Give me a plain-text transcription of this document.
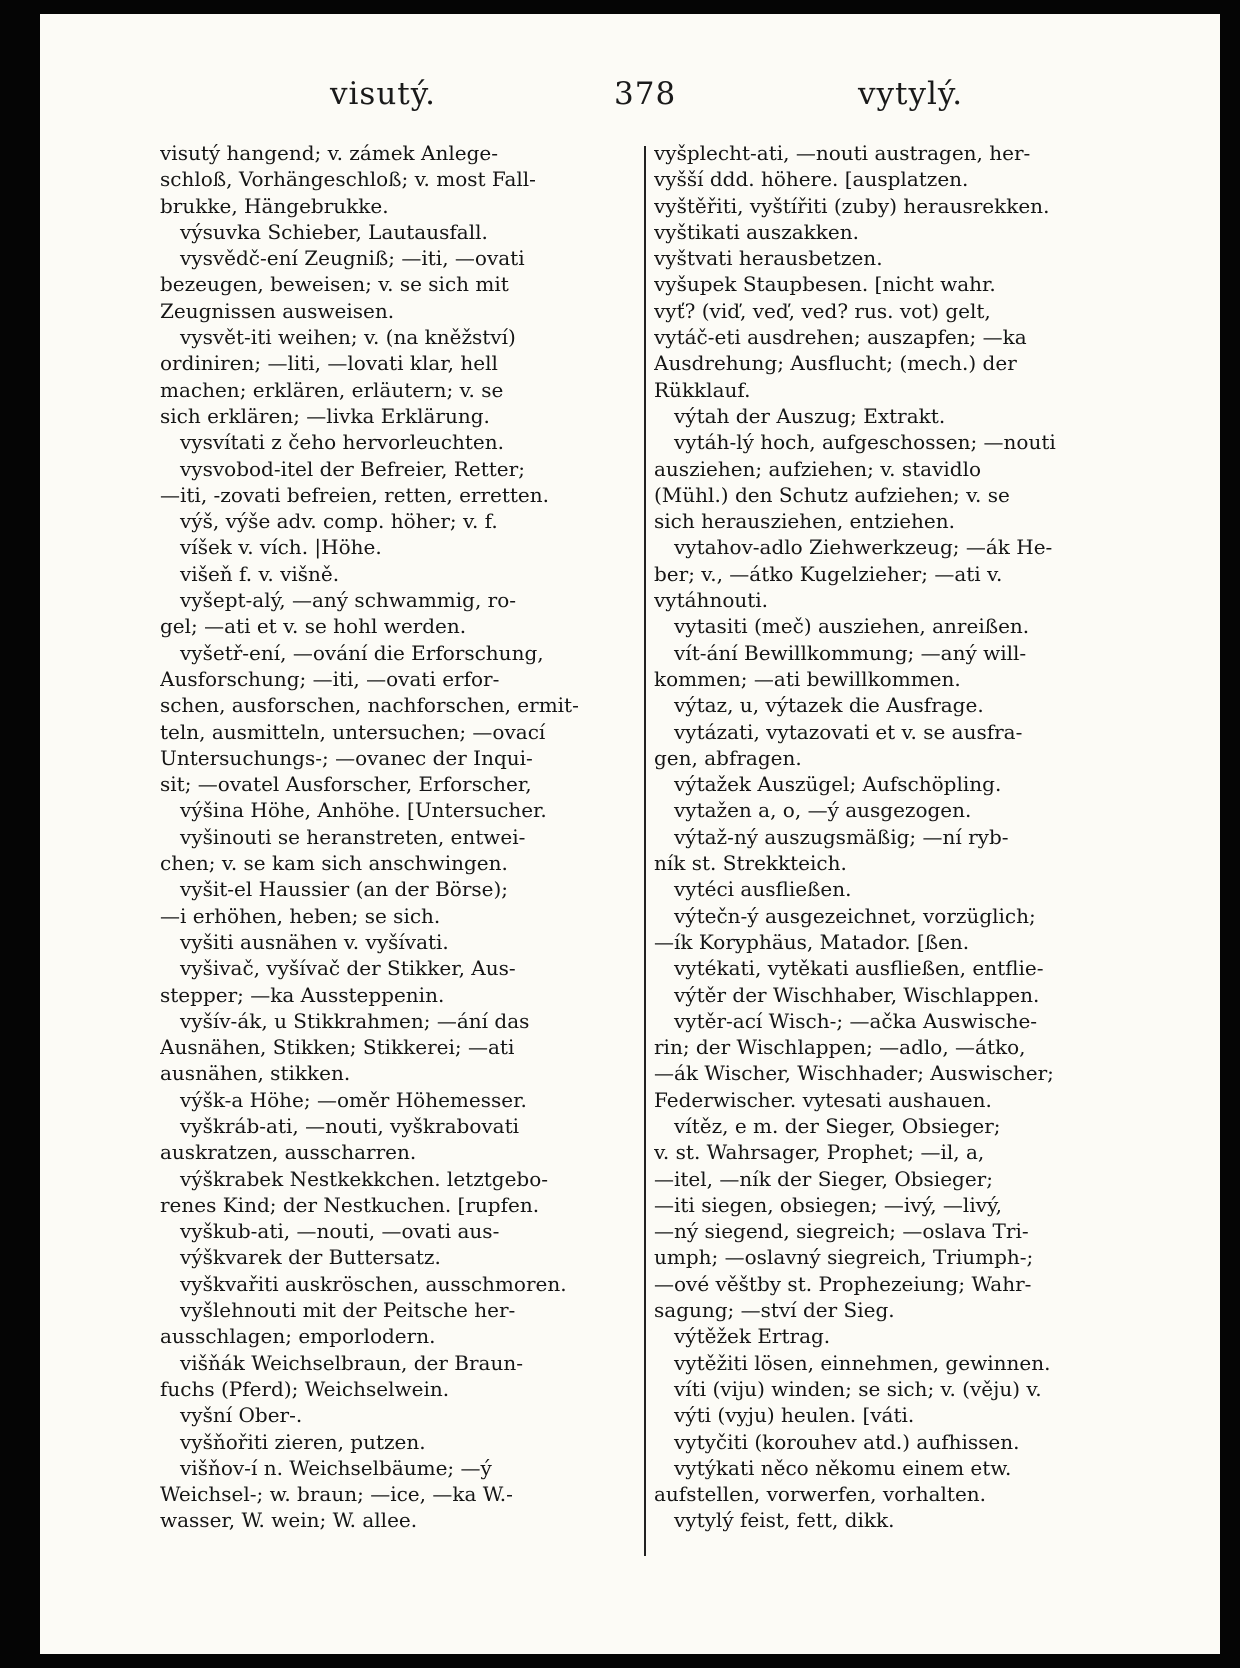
visutý.	378	vytylý.
visutý hangend; v. zámek Anlege-
schloß, Vorhängeschloß; v. most Fall-
brukke, Hängebrukke.
 výsuvka Schieber, Lautausfall.
 vysvědč-ení Zeugniß; —iti, —ovati
bezeugen, beweisen; v. se sich mit
Zeugnissen ausweisen.
 vysvět-iti weihen; v. (na kněžství)
ordiniren; —liti, —lovati klar, hell
machen; erklären, erläutern; v. se
sich erklären; —livka Erklärung.
 vysvítati z čeho hervorleuchten.
 vysvobod-itel der Befreier, Retter;
—iti, -zovati befreien, retten, erretten.
 výš, výše adv. comp. höher; v. f.
 víšek v. vích. |Höhe.
 višeň f. v. višně.
 vyšept-alý, —aný schwammig, ro-
gel; —ati et v. se hohl werden.
 vyšetř-ení, —ování die Erforschung,
Ausforschung; —iti, —ovati erfor-
schen, ausforschen, nachforschen, ermit-
teln, ausmitteln, untersuchen; —ovací
Untersuchungs-; —ovanec der Inqui-
sit; —ovatel Ausforscher, Erforscher,
 výšina Höhe, Anhöhe. [Untersucher.
 vyšinouti se heranstreten, entwei-
chen; v. se kam sich anschwingen.
 vyšit-el Haussier (an der Börse);
—i erhöhen, heben; se sich.
 vyšiti ausnähen v. vyšívati.
 vyšivač, vyšívač der Stikker, Aus-
stepper; —ka Aussteppenin.
 vyšív-ák, u Stikkrahmen; —ání das
Ausnähen, Stikken; Stikkerei; —ati
ausnähen, stikken.
 výšk-a Höhe; —oměr Höhemesser.
 vyškráb-ati, —nouti, vyškrabovati
auskratzen, ausscharren.
 výškrabek Nestkekkchen. letztgebo-
renes Kind; der Nestkuchen. [rupfen.
 vyškub-ati, —nouti, —ovati aus-
 výškvarek der Buttersatz.
 vyškvařiti auskröschen, ausschmoren.
 vyšlehnouti mit der Peitsche her-
ausschlagen; emporlodern.
 višňák Weichselbraun, der Braun-
fuchs (Pferd); Weichselwein.
 vyšní Ober-.
 vyšňořiti zieren, putzen.
 višňov-í n. Weichselbäume; —ý
Weichsel-; w. braun; —ice, —ka W.-
wasser, W. wein; W. allee.
vyšplecht-ati, —nouti austragen, her-
vyšší ddd. höhere. [ausplatzen.
vyštěřiti, vyštířiti (zuby) herausrekken.
vyštikati auszakken.
vyštvati herausbetzen.
vyšupek Staupbesen. [nicht wahr.
vyť? (viď, veď, ved? rus. vot) gelt,
vytáč-eti ausdrehen; auszapfen; —ka
Ausdrehung; Ausflucht; (mech.) der
Rükklauf.
 výtah der Auszug; Extrakt.
 vytáh-lý hoch, aufgeschossen; —nouti
ausziehen; aufziehen; v. stavidlo
(Mühl.) den Schutz aufziehen; v. se
sich herausziehen, entziehen.
 vytahov-adlo Ziehwerkzeug; —ák He-
ber; v., —átko Kugelzieher; —ati v.
vytáhnouti.
 vytasiti (meč) ausziehen, anreißen.
 vít-ání Bewillkommung; —aný will-
kommen; —ati bewillkommen.
 výtaz, u, výtazek die Ausfrage.
 vytázati, vytazovati et v. se ausfra-
gen, abfragen.
 výtažek Auszügel; Aufschöpling.
 vytažen a, o, —ý ausgezogen.
 výtaž-ný auszugsmäßig; —ní ryb-
ník st. Strekkteich.
 vytéci ausfließen.
 výtečn-ý ausgezeichnet, vorzüglich;
—ík Koryphäus, Matador. [ßen.
 vytékati, vytěkati ausfließen, entflie-
 výtěr der Wischhaber, Wischlappen.
 vytěr-ací Wisch-; —ačka Auswische-
rin; der Wischlappen; —adlo, —átko,
—ák Wischer, Wischhader; Auswischer;
Federwischer. vytesati aushauen.
 vítěz, e m. der Sieger, Obsieger;
v. st. Wahrsager, Prophet; —il, a,
—itel, —ník der Sieger, Obsieger;
—iti siegen, obsiegen; —ivý, —livý,
—ný siegend, siegreich; —oslava Tri-
umph; —oslavný siegreich, Triumph-;
—ové věštby st. Prophezeiung; Wahr-
sagung; —ství der Sieg.
 výtěžek Ertrag.
 vytěžiti lösen, einnehmen, gewinnen.
 víti (viju) winden; se sich; v. (věju) v.
 výti (vyju) heulen. [váti.
 vytyčiti (korouhev atd.) aufhissen.
 vytýkati něco někomu einem etw.
aufstellen, vorwerfen, vorhalten.
 vytylý feist, fett, dikk.
